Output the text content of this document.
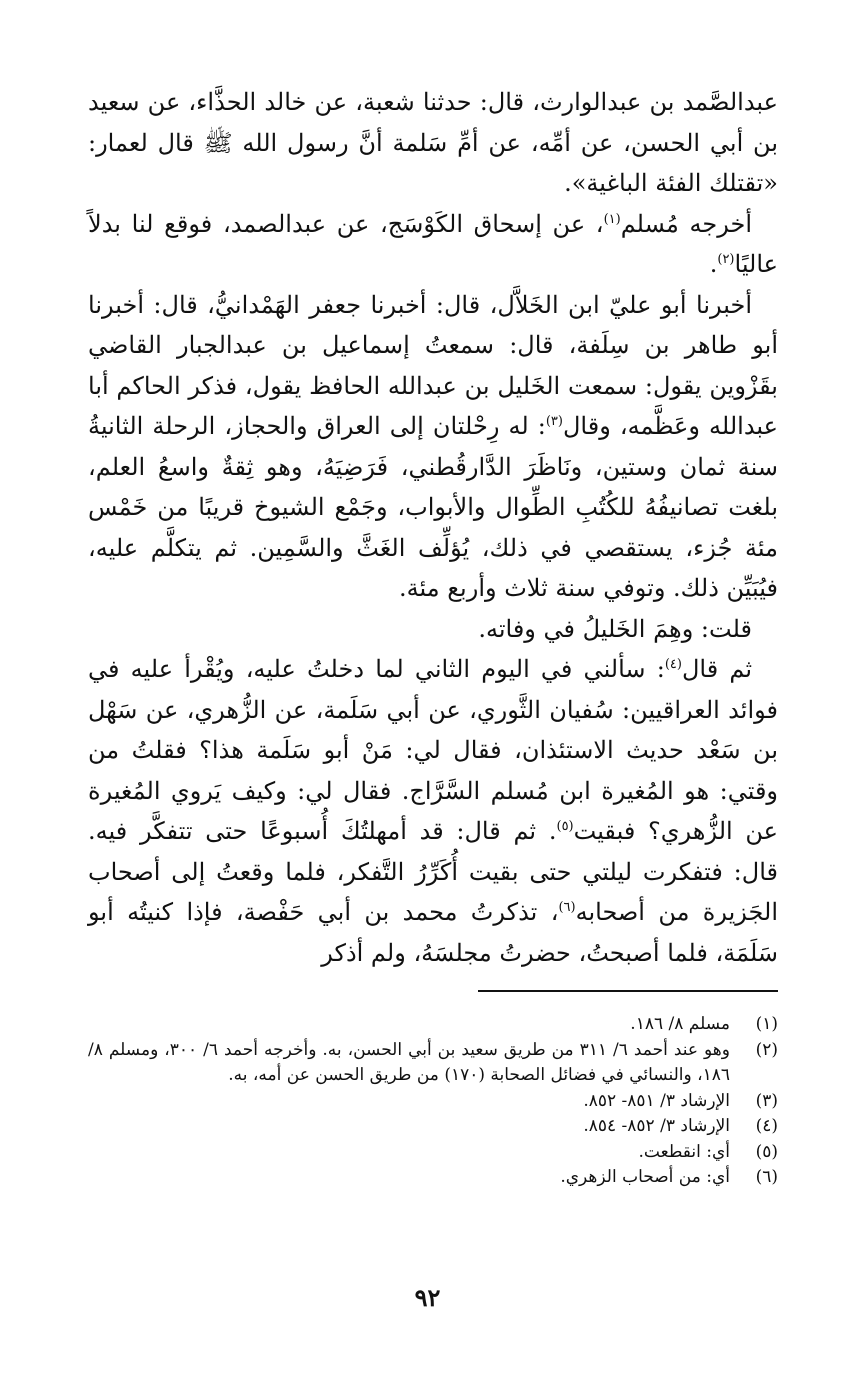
عبدالصَّمد بن عبدالوارث، قال: حدثنا شعبة، عن خالد الحذَّاء، عن سعيد بن أبي الحسن، عن أمِّه، عن أمِّ سَلمة أنَّ رسول الله ﷺ قال لعمار: «تقتلك الفئة الباغية».

أخرجه مُسلم$^{(١)}$، عن إسحاق الكَوْسَج، عن عبدالصمد، فوقع لنا بدلاً عاليًا$^{(٢)}$.

أخبرنا أبو عليّ ابن الخَلاَّل، قال: أخبرنا جعفر الهَمْدانيُّ، قال: أخبرنا أبو طاهر بن سِلَفة، قال: سمعتُ إسماعيل بن عبدالجبار القاضي بقَزْوين يقول: سمعت الخَليل بن عبدالله الحافظ يقول، فذكر الحاكم أبا عبدالله وعَظَّمه، وقال$^{(٣)}$: له رِحْلتان إلى العراق والحجاز، الرحلة الثانيةُ سنة ثمان وستين، ونَاظَرَ الدَّارقُطني، فَرَضِيَهُ، وهو ثِقةٌ واسعُ العلم، بلغت تصانيفُهُ للكُتُبِ الطِّوال والأبواب، وجَمْع الشيوخ قريبًا من خَمْس مئة جُزء، يستقصي في ذلك، يُؤلِّف الغَثَّ والسَّمِين. ثم يتكلَّم عليه، فيُبَيِّن ذلك. وتوفي سنة ثلاث وأربع مئة.

قلت: وهِمَ الخَليلُ في وفاته.

ثم قال$^{(٤)}$: سألني في اليوم الثاني لما دخلتُ عليه، ويُقْرأ عليه في فوائد العراقيين: سُفيان الثَّوري، عن أبي سَلَمة، عن الزُّهري، عن سَهْل بن سَعْد حديث الاستئذان، فقال لي: مَنْ أبو سَلَمة هذا؟ فقلتُ من وقتي: هو المُغيرة ابن مُسلم السَّرَّاج. فقال لي: وكيف يَروي المُغيرة عن الزُّهري؟ فبقيت$^{(٥)}$. ثم قال: قد أمهلتُكَ أُسبوعًا حتى تتفكَّر فيه. قال: فتفكرت ليلتي حتى بقيت أُكَرِّرُ التَّفكر، فلما وقعتُ إلى أصحاب الجَزيرة من أصحابه$^{(٦)}$، تذكرتُ محمد بن أبي حَفْصة، فإذا كنيتُه أبو سَلَمَة، فلما أصبحتُ، حضرتُ مجلسَهُ، ولم أذكر

(١)
مسلم ٨/ ١٨٦.
(٢)
وهو عند أحمد ٦/ ٣١١ من طريق سعيد بن أبي الحسن، به. وأخرجه أحمد ٦/ ٣٠٠، ومسلم ٨/ ١٨٦، والنسائي في فضائل الصحابة (١٧٠) من طريق الحسن عن أمه، به.
(٣)
الإرشاد ٣/ ٨٥١- ٨٥٢.
(٤)
الإرشاد ٣/ ٨٥٢- ٨٥٤.
(٥)
أي: انقطعت.
(٦)
أي: من أصحاب الزهري.
٩٢
